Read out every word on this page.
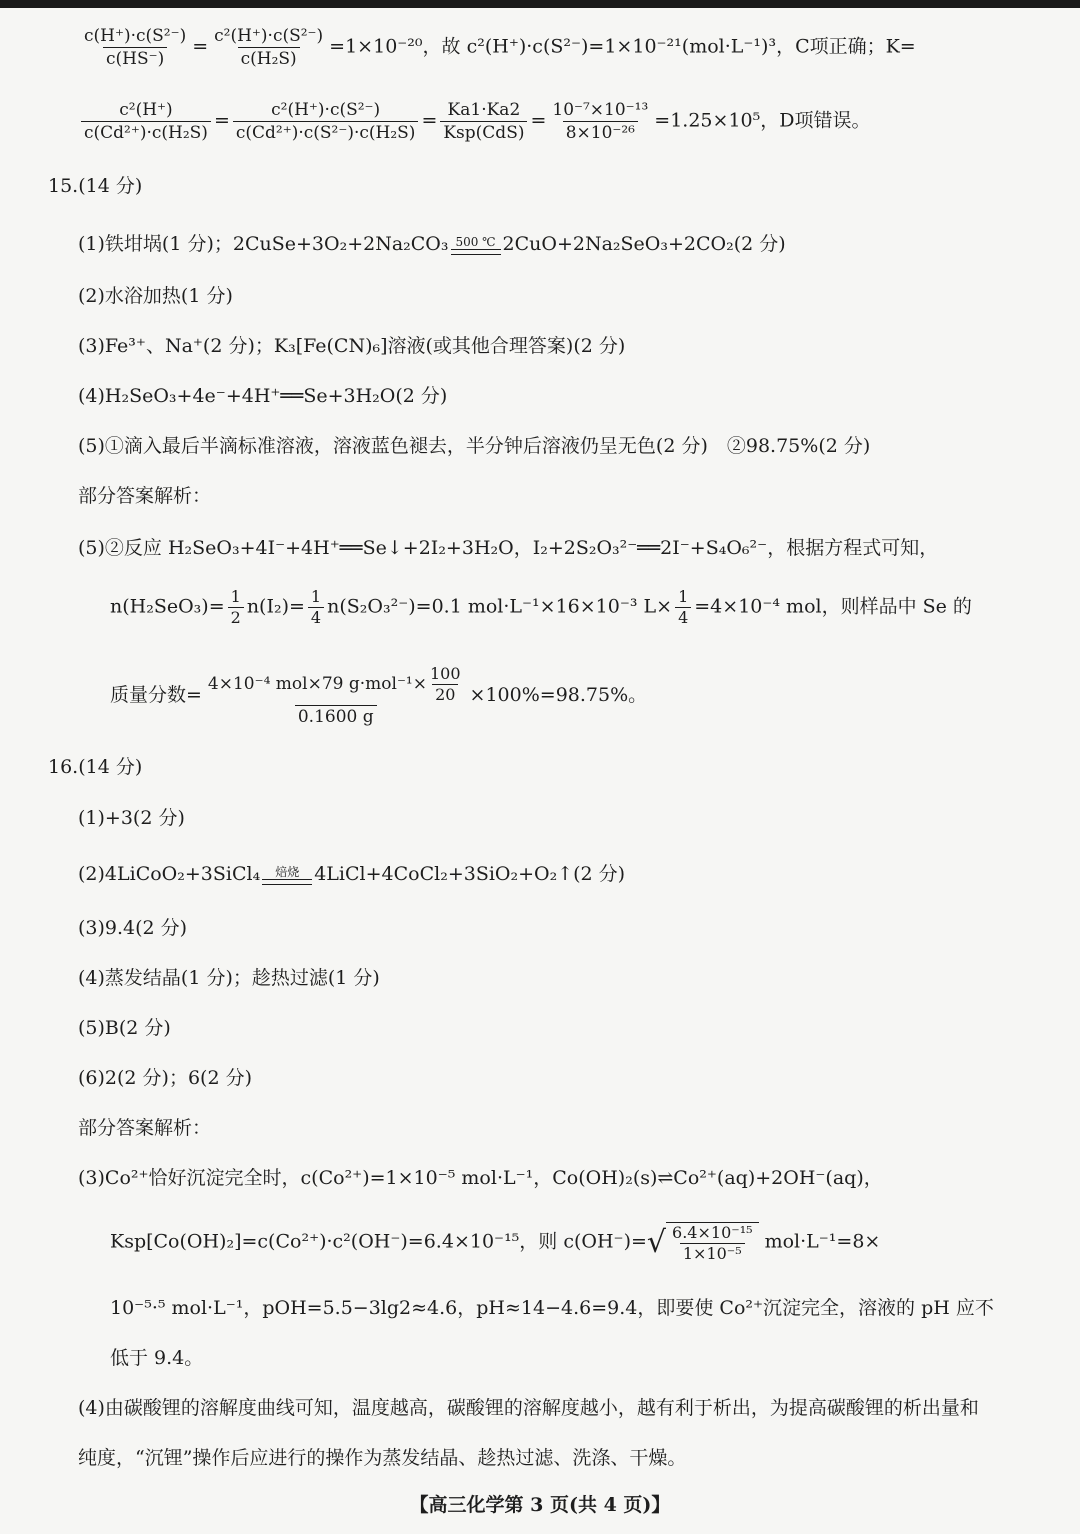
$\frac{\text{c(H⁺)·c(S²⁻)}}{c(HS^-)} = \frac{\text{c²(H⁺)·c(S²⁻)}}{\text{c(H₂S)}} =1\times 10^{-20}$，故 c²(H⁺)·c(S²⁻)=1×10⁻²¹(mol·L⁻¹)³，C项正确；K=
$\frac{\text{c²(H⁺)}}{\text{c(Cd²⁺)·c(H₂S)}} = \frac{\text{c²(H⁺)·c(S²⁻)}}{\text{c(Cd²⁺)·c(S²⁻)·c(H₂S)}} = \frac{Ka1\cdot Ka2}{\text{Ksp(CdS)}} = \frac{\text{10⁻⁷×10⁻¹³}}{\text{8×10⁻²⁶}} =1.25\times 10^5$，D项错误。
15.(14 分)
(1)铁坩埚(1 分)；2CuSe+3O₂+2Na₂CO₃ 500 ℃ 2CuO+2Na₂SeO₃+2CO₂(2 分)
(2)水浴加热(1 分)
(3)Fe³⁺、Na⁺(2 分)；K₃[Fe(CN)₆]溶液(或其他合理答案)(2 分)
(4)H₂SeO₃+4e⁻+4H⁺══Se+3H₂O(2 分)
(5)①滴入最后半滴标准溶液，溶液蓝色褪去，半分钟后溶液仍呈无色(2 分)　②98.75%(2 分)
部分答案解析：
(5)②反应 H₂SeO₃+4I⁻+4H⁺══Se↓+2I₂+3H₂O，I₂+2S₂O₃²⁻══2I⁻+S₄O₆²⁻，根据方程式可知，
$n(H_2SeO_3)= \frac{1}{2} n(I_2)= \frac{1}{4} n(S_2O_3^{2-})=0.1$ mol·L⁻¹×16×10⁻³ $L\times \frac{1}{4} =4\times 10^{-4}$ mol，则样品中 Se 的
质量分数= $\frac{4\times 10^{-4} mol\times 79 g\cdot mol^{-1}\times \frac{100}{20}}{0.1600 g} \times 100\%=98.75\%$。
16.(14 分)
(1)+3(2 分)
(2)4LiCoO₂+3SiCl₄ 焙烧 4LiCl+4CoCl₂+3SiO₂+O₂↑(2 分)
(3)9.4(2 分)
(4)蒸发结晶(1 分)；趁热过滤(1 分)
(5)B(2 分)
(6)2(2 分)；6(2 分)
部分答案解析：
(3)Co²⁺恰好沉淀完全时，c(Co²⁺)=1×10⁻⁵ mol·L⁻¹，Co(OH)₂(s)⇌Co²⁺(aq)+2OH⁻(aq)，
Ksp[Co(OH)₂]=c(Co²⁺)·c²(OH⁻)=6.4×10⁻¹⁵，则 c(OH⁻)= √ $\frac{\text{6.4×10⁻¹⁵}}{\text{1×10⁻⁵}} mol\cdot L^{-1}=8\times$
10⁻⁵·⁵ mol·L⁻¹，pOH=5.5−3lg2≈4.6，pH≈14−4.6=9.4，即要使 Co²⁺沉淀完全，溶液的 pH 应不
低于 9.4。
(4)由碳酸锂的溶解度曲线可知，温度越高，碳酸锂的溶解度越小，越有利于析出，为提高碳酸锂的析出量和
纯度，“沉锂”操作后应进行的操作为蒸发结晶、趁热过滤、洗涤、干燥。
【高三化学第 3 页(共 4 页)】
